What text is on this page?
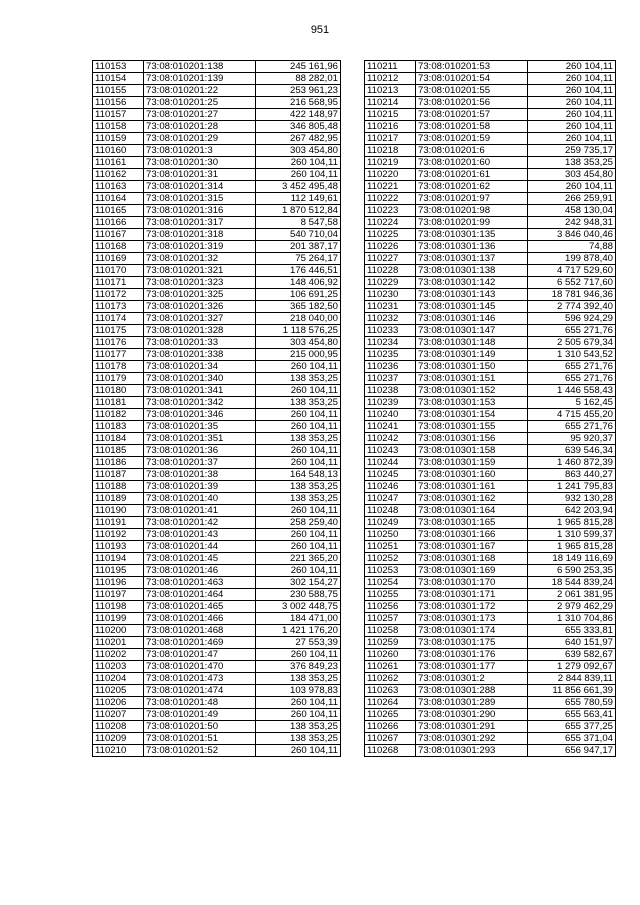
951
110153	73:08:010201:138	245 161,96
110154	73:08:010201:139	88 282,01
110155	73:08:010201:22	253 961,23
110156	73:08:010201:25	216 568,95
110157	73:08:010201:27	422 148,97
110158	73:08:010201:28	346 805,48
110159	73:08:010201:29	267 482,95
110160	73:08:010201:3	303 454,80
110161	73:08:010201:30	260 104,11
110162	73:08:010201:31	260 104,11
110163	73:08:010201:314	3 452 495,48
110164	73:08:010201:315	112 149,61
110165	73:08:010201:316	1 870 512,84
110166	73:08:010201:317	8 547,58
110167	73:08:010201:318	540 710,04
110168	73:08:010201:319	201 387,17
110169	73:08:010201:32	75 264,17
110170	73:08:010201:321	176 446,51
110171	73:08:010201:323	148 406,92
110172	73:08:010201:325	106 691,25
110173	73:08:010201:326	365 182,50
110174	73:08:010201:327	218 040,00
110175	73:08:010201:328	1 118 576,25
110176	73:08:010201:33	303 454,80
110177	73:08:010201:338	215 000,95
110178	73:08:010201:34	260 104,11
110179	73:08:010201:340	138 353,25
110180	73:08:010201:341	260 104,11
110181	73:08:010201:342	138 353,25
110182	73:08:010201:346	260 104,11
110183	73:08:010201:35	260 104,11
110184	73:08:010201:351	138 353,25
110185	73:08:010201:36	260 104,11
110186	73:08:010201:37	260 104,11
110187	73:08:010201:38	164 548,13
110188	73:08:010201:39	138 353,25
110189	73:08:010201:40	138 353,25
110190	73:08:010201:41	260 104,11
110191	73:08:010201:42	258 259,40
110192	73:08:010201:43	260 104,11
110193	73:08:010201:44	260 104,11
110194	73:08:010201:45	221 365,20
110195	73:08:010201:46	260 104,11
110196	73:08:010201:463	302 154,27
110197	73:08:010201:464	230 588,75
110198	73:08:010201:465	3 002 448,75
110199	73:08:010201:466	184 471,00
110200	73:08:010201:468	1 421 176,20
110201	73:08:010201:469	27 553,39
110202	73:08:010201:47	260 104,11
110203	73:08:010201:470	376 849,23
110204	73:08:010201:473	138 353,25
110205	73:08:010201:474	103 978,83
110206	73:08:010201:48	260 104,11
110207	73:08:010201:49	260 104,11
110208	73:08:010201:50	138 353,25
110209	73:08:010201:51	138 353,25
110210	73:08:010201:52	260 104,11
110211	73:08:010201:53	260 104,11
110212	73:08:010201:54	260 104,11
110213	73:08:010201:55	260 104,11
110214	73:08:010201:56	260 104,11
110215	73:08:010201:57	260 104,11
110216	73:08:010201:58	260 104,11
110217	73:08:010201:59	260 104,11
110218	73:08:010201:6	259 735,17
110219	73:08:010201:60	138 353,25
110220	73:08:010201:61	303 454,80
110221	73:08:010201:62	260 104,11
110222	73:08:010201:97	266 259,91
110223	73:08:010201:98	458 130,04
110224	73:08:010201:99	242 948,31
110225	73:08:010301:135	3 846 040,46
110226	73:08:010301:136	74,88
110227	73:08:010301:137	199 878,40
110228	73:08:010301:138	4 717 529,60
110229	73:08:010301:142	6 552 717,60
110230	73:08:010301:143	18 781 946,36
110231	73:08:010301:145	2 774 392,40
110232	73:08:010301:146	596 924,29
110233	73:08:010301:147	655 271,76
110234	73:08:010301:148	2 505 679,34
110235	73:08:010301:149	1 310 543,52
110236	73:08:010301:150	655 271,76
110237	73:08:010301:151	655 271,76
110238	73:08:010301:152	1 446 558,43
110239	73:08:010301:153	5 162,45
110240	73:08:010301:154	4 715 455,20
110241	73:08:010301:155	655 271,76
110242	73:08:010301:156	95 920,37
110243	73:08:010301:158	639 546,34
110244	73:08:010301:159	1 460 872,39
110245	73:08:010301:160	863 440,27
110246	73:08:010301:161	1 241 795,83
110247	73:08:010301:162	932 130,28
110248	73:08:010301:164	642 203,94
110249	73:08:010301:165	1 965 815,28
110250	73:08:010301:166	1 310 599,37
110251	73:08:010301:167	1 965 815,28
110252	73:08:010301:168	18 149 116,69
110253	73:08:010301:169	6 590 253,35
110254	73:08:010301:170	18 544 839,24
110255	73:08:010301:171	2 061 381,95
110256	73:08:010301:172	2 979 462,29
110257	73:08:010301:173	1 310 704,86
110258	73:08:010301:174	655 333,81
110259	73:08:010301:175	640 151,97
110260	73:08:010301:176	639 582,67
110261	73:08:010301:177	1 279 092,67
110262	73:08:010301:2	2 844 839,11
110263	73:08:010301:288	11 856 661,39
110264	73:08:010301:289	655 780,59
110265	73:08:010301:290	655 563,41
110266	73:08:010301:291	655 377,25
110267	73:08:010301:292	655 371,04
110268	73:08:010301:293	656 947,17
